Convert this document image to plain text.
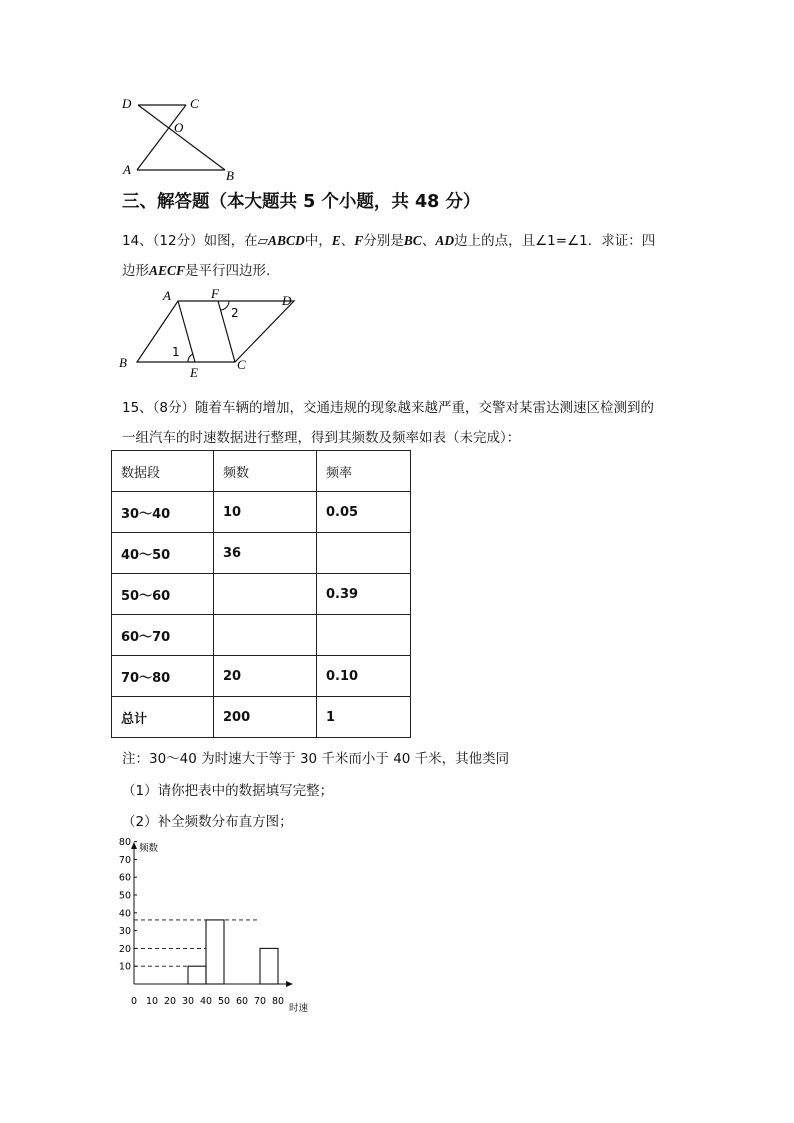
D	C
O
A	B
三、解答题（本大题共 5 个小题，共 48 分）
14、（12分）如图，在▱ABCD中，E、F分别是BC、AD边上的点，且∠1=∠1．求证：四
边形AECF是平行四边形.
A	F	D
B
E
C
1
2
15、（8分）随着车辆的增加，交通违规的现象越来越严重，交警对某雷达测速区检测到的
一组汽车的时速数据进行整理，得到其频数及频率如表（未完成）：
数据段	频数	频率
30～40	10	0.05
40～50	36	
50～60		0.39
60～70		
70～80	20	0.10
总计	200	1
注：30～40 为时速大于等于 30 千米而小于 40 千米，其他类同
（1）请你把表中的数据填写完整；
（2）补全频数分布直方图；
频数
时速
0 10 20 30 40 50 60 70 80
10
20
30
40
50
60
70
80
